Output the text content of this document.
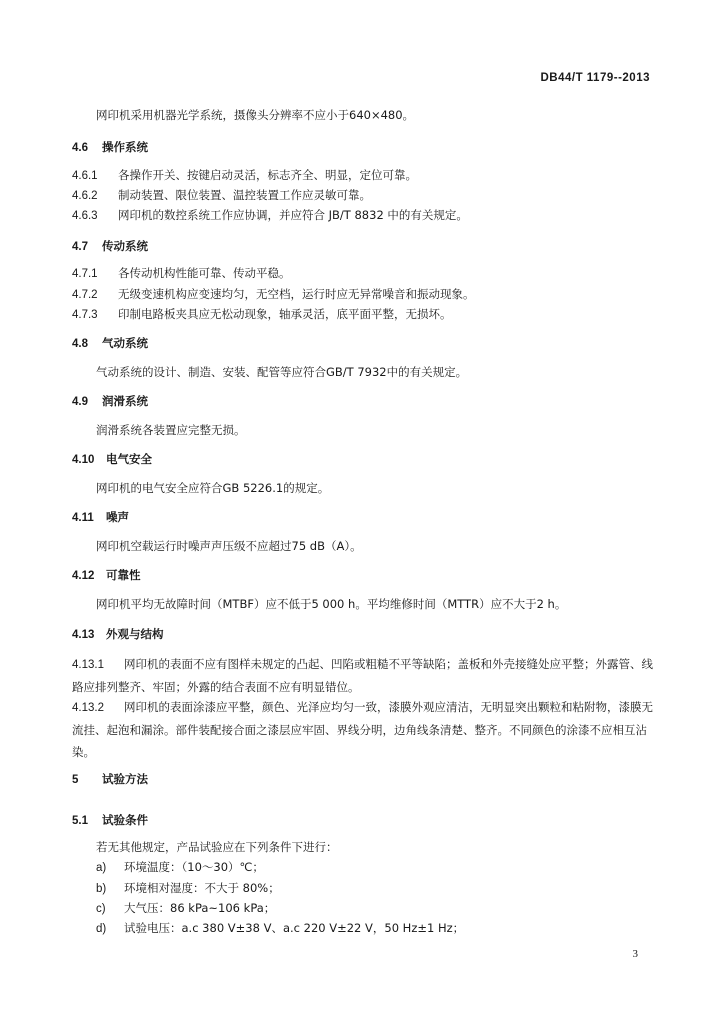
DB44/T 1179--2013
网印机采用机器光学系统，摄像头分辨率不应小于640×480。
4.6 操作系统
4.6.1 各操作开关、按键启动灵活，标志齐全、明显，定位可靠。
4.6.2 制动装置、限位装置、温控装置工作应灵敏可靠。
4.6.3 网印机的数控系统工作应协调，并应符合 JB/T 8832 中的有关规定。
4.7 传动系统
4.7.1 各传动机构性能可靠、传动平稳。
4.7.2 无级变速机构应变速均匀，无空档，运行时应无异常噪音和振动现象。
4.7.3 印制电路板夹具应无松动现象，轴承灵活，底平面平整，无损坏。
4.8 气动系统
气动系统的设计、制造、安装、配管等应符合GB/T 7932中的有关规定。
4.9 润滑系统
润滑系统各装置应完整无损。
4.10 电气安全
网印机的电气安全应符合GB 5226.1的规定。
4.11 噪声
网印机空载运行时噪声声压级不应超过75 dB（A）。
4.12 可靠性
网印机平均无故障时间（MTBF）应不低于5 000 h。平均维修时间（MTTR）应不大于2 h。
4.13 外观与结构
4.13.1 网印机的表面不应有图样未规定的凸起、凹陷或粗糙不平等缺陷；盖板和外壳接缝处应平整；外露管、线路应排列整齐、牢固；外露的结合表面不应有明显错位。
4.13.2 网印机的表面涂漆应平整，颜色、光泽应均匀一致，漆膜外观应清洁，无明显突出颗粒和粘附物，漆膜无流挂、起泡和漏涂。部件装配接合面之漆层应牢固、界线分明，边角线条清楚、整齐。不同颜色的涂漆不应相互沾染。
5 试验方法
5.1 试验条件
若无其他规定，产品试验应在下列条件下进行：
a) 环境温度：（10～30）℃；
b) 环境相对湿度：不大于 80%；
c) 大气压：86 kPa~106 kPa；
d) 试验电压：a.c 380 V±38 V、a.c 220 V±22 V，50 Hz±1 Hz；
3
